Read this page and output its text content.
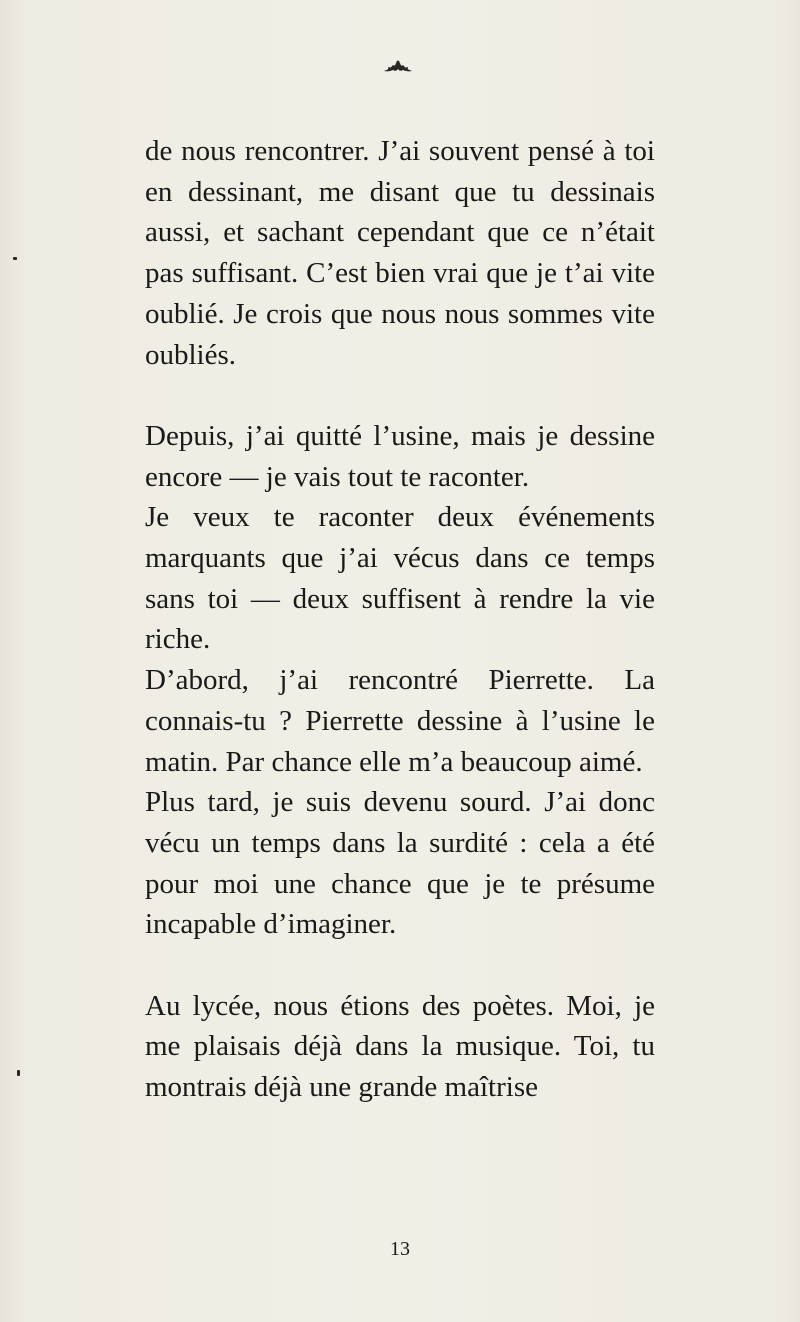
de nous rencontrer. J’ai souvent pensé à toi en dessinant, me disant que tu dessinais aussi, et sachant cependant que ce n’était pas suffisant. C’est bien vrai que je t’ai vite oublié. Je crois que nous nous sommes vite oubliés.

Depuis, j’ai quitté l’usine, mais je dessine encore — je vais tout te raconter.

Je veux te raconter deux événements marquants que j’ai vécus dans ce temps sans toi — deux suffisent à rendre la vie riche.

D’abord, j’ai rencontré Pierrette. La connais-tu ? Pierrette dessine à l’usine le matin. Par chance elle m’a beaucoup aimé.

Plus tard, je suis devenu sourd. J’ai donc vécu un temps dans la surdité : cela a été pour moi une chance que je te présume incapable d’imaginer.

Au lycée, nous étions des poètes. Moi, je me plaisais déjà dans la musique. Toi, tu montrais déjà une grande maîtrise

13
